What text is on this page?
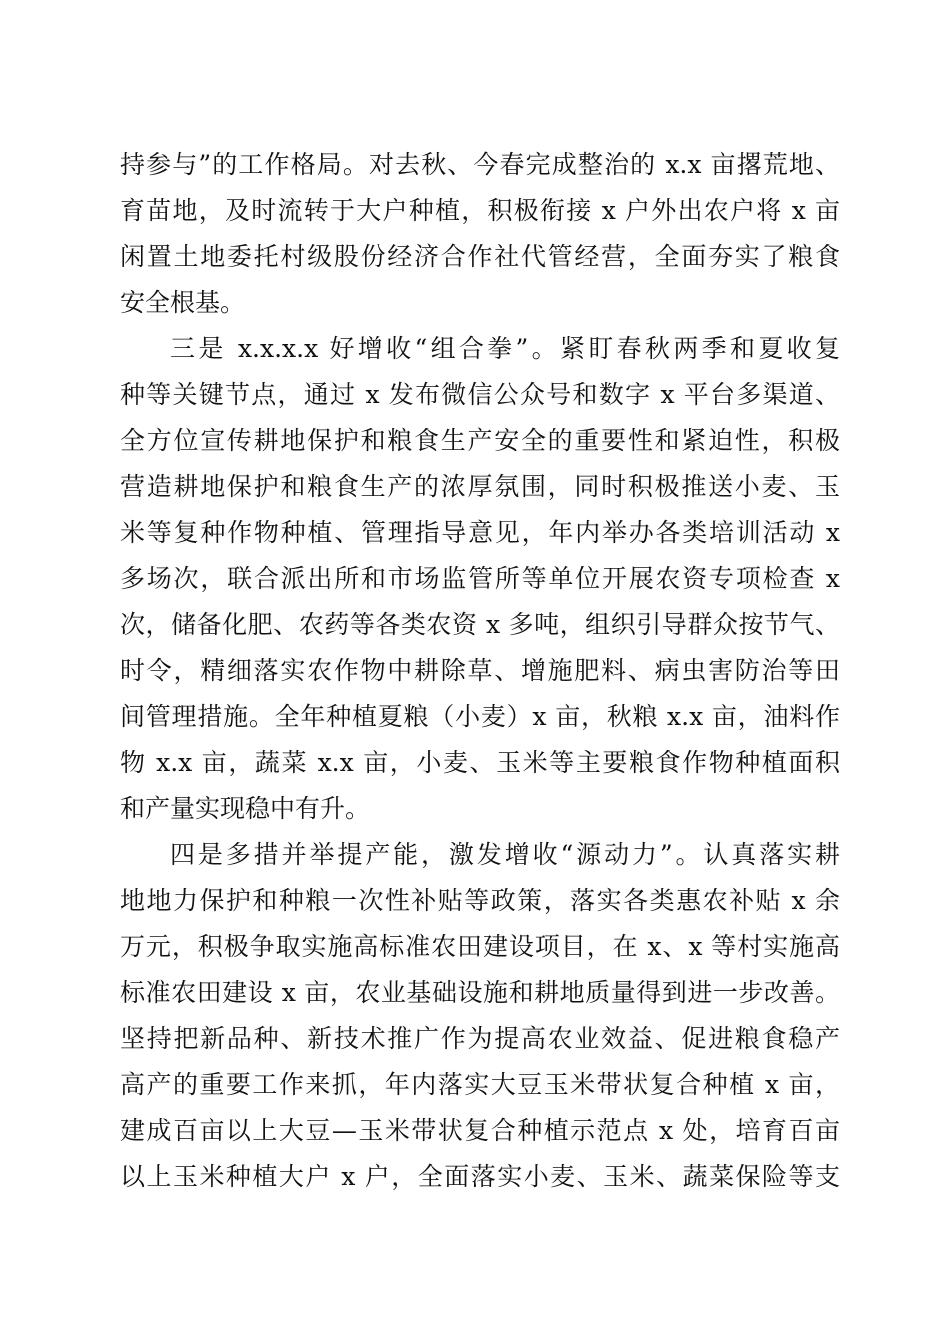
持参与”的工作格局。对去秋、今春完成整治的 x.x 亩撂荒地、
育苗地，及时流转于大户种植，积极衔接 x 户外出农户将 x 亩
闲置土地委托村级股份经济合作社代管经营，全面夯实了粮食
安全根基。
三是 x.x.x.x 好增收“组合拳”。紧盯春秋两季和夏收复
种等关键节点，通过 x 发布微信公众号和数字 x 平台多渠道、
全方位宣传耕地保护和粮食生产安全的重要性和紧迫性，积极
营造耕地保护和粮食生产的浓厚氛围，同时积极推送小麦、玉
米等复种作物种植、管理指导意见，年内举办各类培训活动 x
多场次，联合派出所和市场监管所等单位开展农资专项检查 x
次，储备化肥、农药等各类农资 x 多吨，组织引导群众按节气、
时令，精细落实农作物中耕除草、增施肥料、病虫害防治等田
间管理措施。全年种植夏粮（小麦）x 亩，秋粮 x.x 亩，油料作
物 x.x 亩，蔬菜 x.x 亩，小麦、玉米等主要粮食作物种植面积
和产量实现稳中有升。
四是多措并举提产能，激发增收“源动力”。认真落实耕
地地力保护和种粮一次性补贴等政策，落实各类惠农补贴 x 余
万元，积极争取实施高标准农田建设项目，在 x、x 等村实施高
标准农田建设 x 亩，农业基础设施和耕地质量得到进一步改善。
坚持把新品种、新技术推广作为提高农业效益、促进粮食稳产
高产的重要工作来抓，年内落实大豆玉米带状复合种植 x 亩，
建成百亩以上大豆—玉米带状复合种植示范点 x 处，培育百亩
以上玉米种植大户 x 户，全面落实小麦、玉米、蔬菜保险等支
